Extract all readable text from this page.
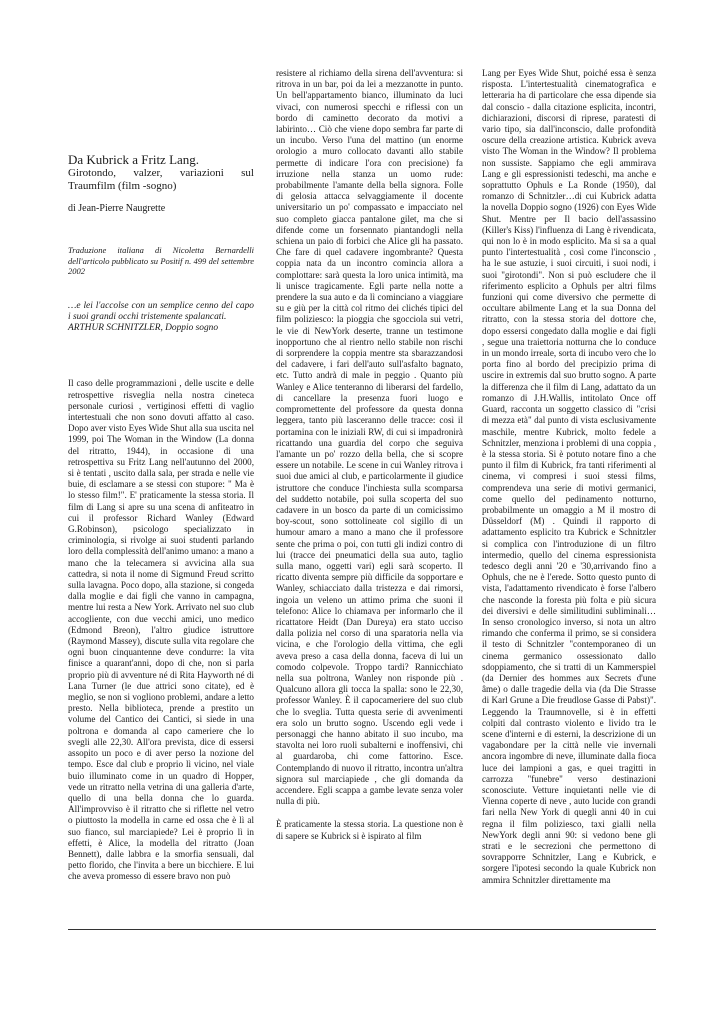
Da Kubrick a Fritz Lang.

Girotondo, valzer, variazioni sul Traumfilm (film -sogno)

di Jean-Pierre Naugrette

Traduzione italiana di Nicoletta Bernardelli dell'articolo pubblicato su Positif n. 499 del settembre 2002

…e lei l'accolse con un semplice cenno del capo i suoi grandi occhi tristemente spalancati.

ARTHUR SCHNITZLER, Doppio sogno

Il caso delle programmazioni , delle uscite e delle retrospettive risveglia nella nostra cineteca personale curiosi , vertiginosi effetti di vaglio intertestuali che non sono dovuti affatto al caso. Dopo aver visto Eyes Wide Shut alla sua uscita nel 1999, poi The Woman in the Window (La donna del ritratto, 1944), in occasione di una retrospettiva su Fritz Lang nell'autunno del 2000, si è tentati , uscito dalla sala, per strada e nelle vie buie, di esclamare a se stessi con stupore: " Ma è lo stesso film!". E' praticamente la stessa storia. Il film di Lang si apre su una scena di anfiteatro in cui il professor Richard Wanley (Edward G.Robinson), psicologo specializzato in criminologia, si rivolge ai suoi studenti parlando loro della complessità dell'animo umano: a mano a mano che la telecamera si avvicina alla sua cattedra, si nota il nome di Sigmund Freud scritto sulla lavagna. Poco dopo, alla stazione, si congeda dalla moglie e dai figli che vanno in campagna, mentre lui resta a New York. Arrivato nel suo club accogliente, con due vecchi amici, uno medico (Edmond Breon), l'altro giudice istruttore (Raymond Massey), discute sulla vita regolare che ogni buon cinquantenne deve condurre: la vita finisce a quarant'anni, dopo di che, non si parla proprio più di avventure né di Rita Hayworth né di Lana Turner (le due attrici sono citate), ed è meglio, se non si vogliono problemi, andare a letto presto. Nella biblioteca, prende a prestito un volume del Cantico dei Cantici, si siede in una poltrona e domanda al capo cameriere che lo svegli alle 22,30. All'ora prevista, dice di essersi assopito un poco e di aver perso la nozione del tempo. Esce dal club e proprio lì vicino, nel viale buio illuminato come in un quadro di Hopper, vede un ritratto nella vetrina di una galleria d'arte, quello di una bella donna che lo guarda. All'improvviso è il ritratto che si riflette nel vetro o piuttosto la modella in carne ed ossa che è lì al suo fianco, sul marciapiede? Lei è proprio lì in effetti, è Alice, la modella del ritratto (Joan Bennett), dalle labbra e la smorfia sensuali, dal petto florido, che l'invita a bere un bicchiere. E lui che aveva promesso di essere bravo non può

resistere al richiamo della sirena dell'avventura: si ritrova in un bar, poi da lei a mezzanotte in punto. Un bell'appartamento bianco, illuminato da luci vivaci, con numerosi specchi e riflessi con un bordo di caminetto decorato da motivi a labirinto… Ciò che viene dopo sembra far parte di un incubo. Verso l'una del mattino (un enorme orologio a muro collocato davanti allo stabile permette di indicare l'ora con precisione) fa irruzione nella stanza un uomo rude: probabilmente l'amante della bella signora. Folle di gelosia attacca selvaggiamente il docente universitario un po' compassato e impacciato nel suo completo giacca pantalone gilet, ma che si difende come un forsennato piantandogli nella schiena un paio di forbici che Alice gli ha passato. Che fare di quel cadavere ingombrante? Questa coppia nata da un incontro comincia allora a complottare: sarà questa la loro unica intimità, ma li unisce tragicamente. Egli parte nella notte a prendere la sua auto e da lì cominciano a viaggiare su e giù per la città col ritmo dei clichés tipici del film poliziesco: la pioggia che sgocciola sui vetri, le vie di NewYork deserte, tranne un testimone inopportuno che al rientro nello stabile non rischi di sorprendere la coppia mentre sta sbarazzandosi del cadavere, i fari dell'auto sull'asfalto bagnato, etc. Tutto andrà di male in peggio . Quanto più Wanley e Alice tenteranno di liberarsi del fardello, di cancellare la presenza fuori luogo e compromettente del professore da questa donna leggera, tanto più lasceranno delle tracce: così il portamina con le iniziali RW, di cui si impadronirà ricattando una guardia del corpo che seguiva l'amante un po' rozzo della bella, che si scopre essere un notabile. Le scene in cui Wanley ritrova i suoi due amici al club, e particolarmente il giudice istruttore che conduce l'inchiesta sulla scomparsa del suddetto notabile, poi sulla scoperta del suo cadavere in un bosco da parte di un comicissimo boy-scout, sono sottolineate col sigillo di un humour amaro a mano a mano che il professore sente che prima o poi, con tutti gli indizi contro di lui (tracce dei pneumatici della sua auto, taglio sulla mano, oggetti vari) egli sarà scoperto. Il ricatto diventa sempre più difficile da sopportare e Wanley, schiacciato dalla tristezza e dai rimorsi, ingoia un veleno un attimo prima che suoni il telefono: Alice lo chiamava per informarlo che il ricattatore Heidt (Dan Dureya) era stato ucciso dalla polizia nel corso di una sparatoria nella via vicina, e che l'orologio della vittima, che egli aveva preso a casa della donna, faceva di lui un comodo colpevole. Troppo tardi? Rannicchiato nella sua poltrona, Wanley non risponde più . Qualcuno allora gli tocca la spalla: sono le 22,30, professor Wanley. È il capocameriere del suo club che lo sveglia. Tutta questa serie di avvenimenti era solo un brutto sogno. Uscendo egli vede i personaggi che hanno abitato il suo incubo, ma stavolta nei loro ruoli subalterni e inoffensivi, chi al guardaroba, chi come fattorino. Esce. Contemplando di nuovo il ritratto, incontra un'altra signora sul marciapiede , che gli domanda da accendere. Egli scappa a gambe levate senza voler nulla di più.

È praticamente la stessa storia. La questione non è di sapere se Kubrick si è ispirato al film

Lang per Eyes Wide Shut, poiché essa è senza risposta. L'intertestualità cinematografica e letteraria ha di particolare che essa dipende sia dal conscio - dalla citazione esplicita, incontri, dichiarazioni, discorsi di riprese, paratesti di vario tipo, sia dall'inconscio, dalle profondità oscure della creazione artistica. Kubrick aveva visto The Woman in the Window? Il problema non sussiste. Sappiamo che egli ammirava Lang e gli espressionisti tedeschi, ma anche e soprattutto Ophuls e La Ronde (1950), dal romanzo di Schnitzler…di cui Kubrick adatta la novella Doppio sogno (1926) con Eyes Wide Shut. Mentre per Il bacio dell'assassino (Killer's Kiss) l'influenza di Lang è rivendicata, qui non lo è in modo esplicito. Ma si sa a qual punto l'intertestualità , così come l'inconscio , ha le sue astuzie, i suoi circuiti, i suoi nodi, i suoi "girotondi". Non si può escludere che il riferimento esplicito a Ophuls per altri films funzioni qui come diversivo che permette di occultare abilmente Lang et la sua Donna del ritratto, con la stessa storia del dottore che, dopo essersi congedato dalla moglie e dai figli , segue una traiettoria notturna che lo conduce in un mondo irreale, sorta di incubo vero che lo porta fino al bordo del precipizio prima di uscire in extremis dal suo brutto sogno. A parte la differenza che il film di Lang, adattato da un romanzo di J.H.Wallis, intitolato Once off Guard, racconta un soggetto classico di "crisi di mezza età" dal punto di vista esclusivamente maschile, mentre Kubrick, molto fedele a Schnitzler, menziona i problemi di una coppia , è la stessa storia. Si è potuto notare fino a che punto il film di Kubrick, fra tanti riferimenti al cinema, vi compresi i suoi stessi films, comprendeva una serie di motivi germanici, come quello del pedinamento notturno, probabilmente un omaggio a M il mostro di Düsseldorf (M) . Quindi il rapporto di adattamento esplicito tra Kubrick e Schnitzler si complica con l'introduzione di un filtro intermedio, quello del cinema espressionista tedesco degli anni '20 e '30,arrivando fino a Ophuls, che ne è l'erede. Sotto questo punto di vista, l'adattamento rivendicato è forse l'albero che nasconde la foresta più folta e più sicura dei diversivi e delle similitudini subliminali…In senso cronologico inverso, si nota un altro rimando che conferma il primo, se si considera il testo di Schnitzler "contemporaneo di un cinema germanico ossessionato dallo sdoppiamento, che si tratti di un Kammerspiel (da Dernier des hommes aux Secrets d'une âme) o dalle tragedie della via (da Die Strasse di Karl Grune a Die freudlose Gasse di Pabst)". Leggendo la Traumnovelle, si è in effetti colpiti dal contrasto violento e livido tra le scene d'interni e di esterni, la descrizione di un vagabondare per la città nelle vie invernali ancora ingombre di neve, illuminate dalla fioca luce dei lampioni a gas, e quei tragitti in carrozza "funebre" verso destinazioni sconosciute. Vetture inquietanti nelle vie di Vienna coperte di neve , auto lucide con grandi fari nella New York di quegli anni 40 in cui regna il film poliziesco, taxi gialli nella NewYork degli anni 90: si vedono bene gli strati e le secrezioni che permettono di sovrapporre Schnitzler, Lang e Kubrick, e sorgere l'ipotesi secondo la quale Kubrick non ammira Schnitzler direttamente ma
